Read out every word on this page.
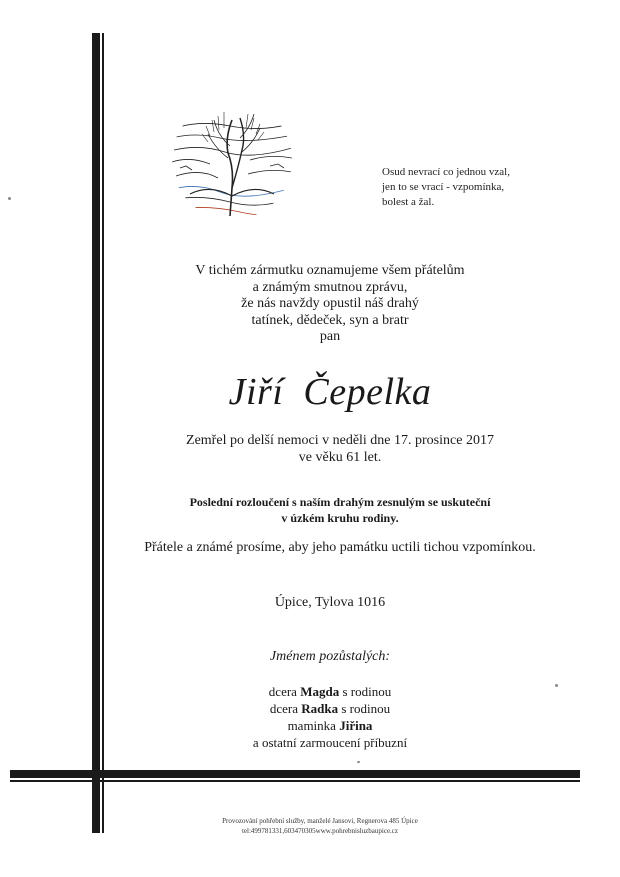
Osud nevrací co jednou vzal,
jen to se vrací - vzpomínka,
bolest a žal.
V tichém zármutku oznamujeme všem přátelům
a známým smutnou zprávu,
že nás navždy opustil náš drahý
tatínek, dědeček, syn a bratr
pan
Jiří  Čepelka
Zemřel po delší nemoci v neděli dne 17. prosince 2017
ve věku 61 let.
Poslední rozloučení s naším drahým zesnulým se uskuteční
v úzkém kruhu rodiny.
Přátele a známé prosíme, aby jeho památku uctili tichou vzpomínkou.
Úpice, Tylova 1016
Jménem pozůstalých:
dcera Magda s rodinou
dcera Radka s rodinou
maminka Jiřina
a ostatní zarmoucení příbuzní
Provozování pohřební služby, manželé Jansovi, Regnerova 485 Úpice
tel:499781331,603470305www.pohrebnisluzbaupice.cz
